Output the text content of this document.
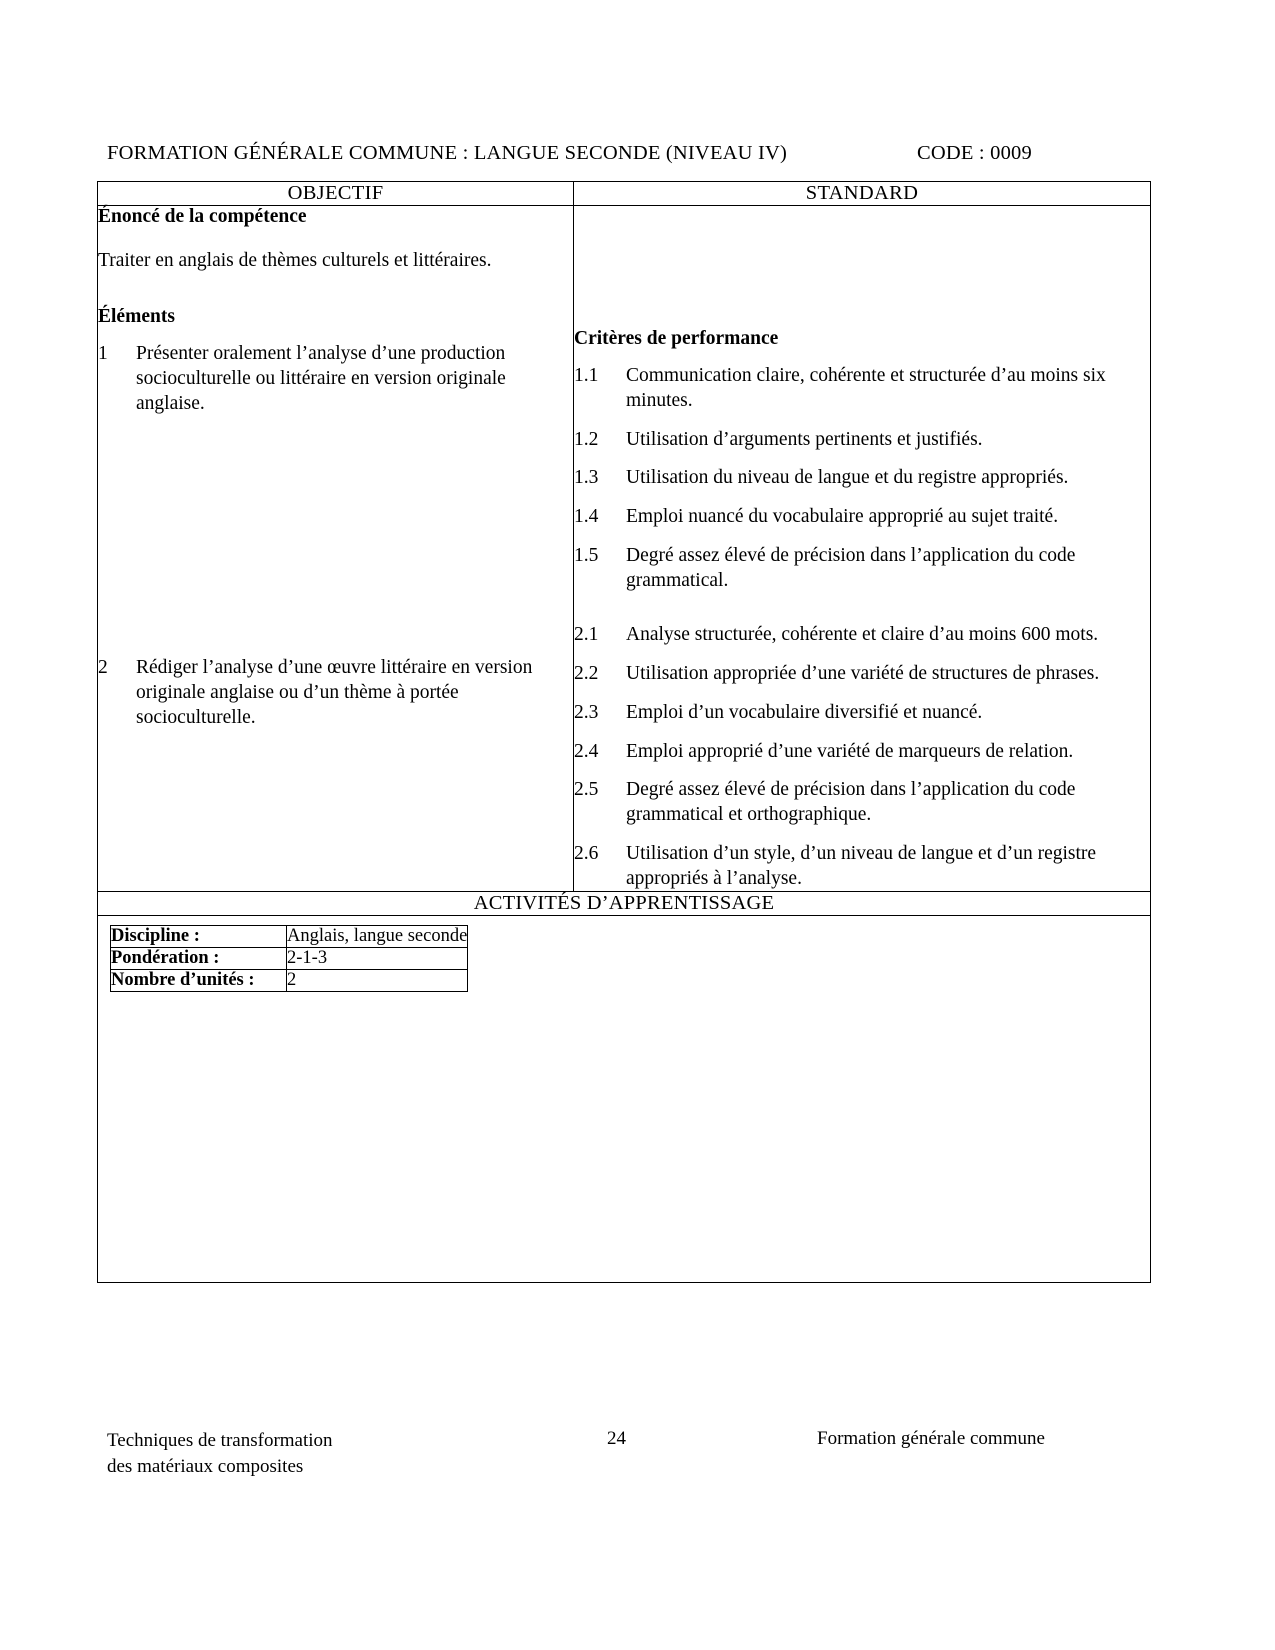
FORMATION GÉNÉRALE COMMUNE : LANGUE SECONDE (NIVEAU IV)	CODE : 0009
OBJECTIF	STANDARD

Énoncé de la compétence

Traiter en anglais de thèmes culturels et littéraires.

Éléments

1	Présenter oralement l’analyse d’une production socioculturelle ou littéraire en version originale anglaise.
2	Rédiger l’analyse d’une œuvre littéraire en version originale anglaise ou d’un thème à portée socioculturelle.

Critères de performance

1.1	Communication claire, cohérente et structurée d’au moins six minutes.
1.2	Utilisation d’arguments pertinents et justifiés.
1.3	Utilisation du niveau de langue et du registre appropriés.
1.4	Emploi nuancé du vocabulaire approprié au sujet traité.
1.5	Degré assez élevé de précision dans l’application du code grammatical.
2.1	Analyse structurée, cohérente et claire d’au moins 600 mots.
2.2	Utilisation appropriée d’une variété de structures de phrases.
2.3	Emploi d’un vocabulaire diversifié et nuancé.
2.4	Emploi approprié d’une variété de marqueurs de relation.
2.5	Degré assez élevé de précision dans l’application du code grammatical et orthographique.
2.6	Utilisation d’un style, d’un niveau de langue et d’un registre appropriés à l’analyse.

ACTIVITÉS D’APPRENTISSAGE

Discipline :	Anglais, langue seconde
Pondération :	2-1-3
Nombre d’unités :	2
Techniques de transformation
des matériaux composites
24	Formation générale commune
